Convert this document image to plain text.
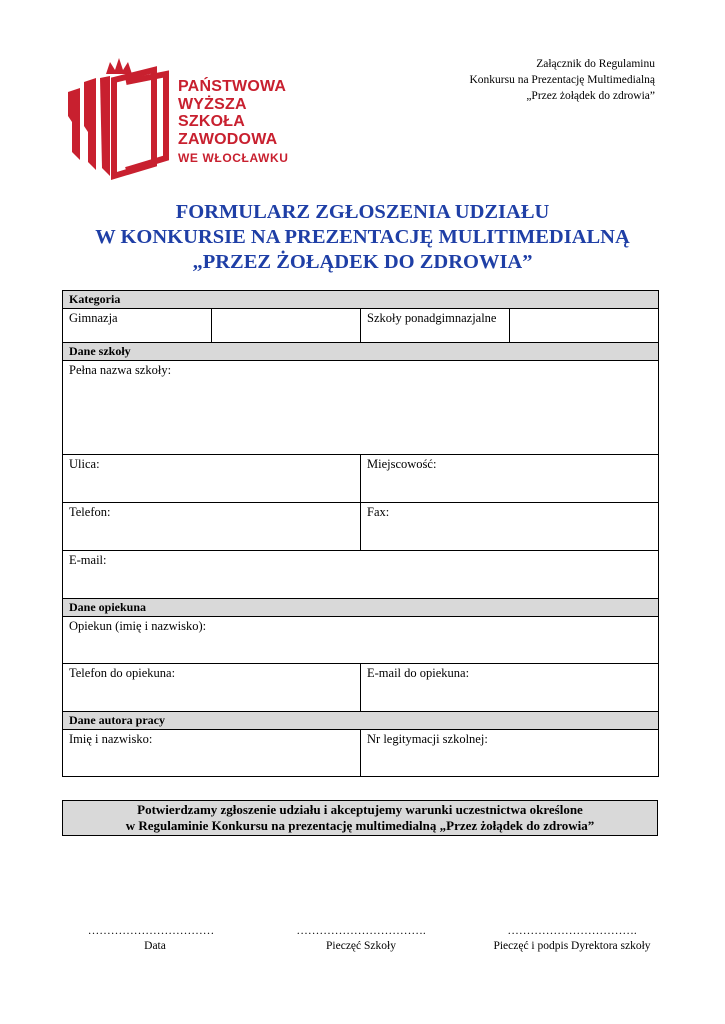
Załącznik do Regulaminu
Konkursu na Prezentację Multimedialną
„Przez żołądek do zdrowia”
PAŃSTWOWA
WYŻSZA
SZKOŁA
ZAWODOWA
WE WŁOCŁAWKU
FORMULARZ ZGŁOSZENIA UDZIAŁU
W KONKURSIE NA PREZENTACJĘ MULITIMEDIALNĄ
„PRZEZ ŻOŁĄDEK DO ZDROWIA”
Kategoria			

Gimnazja		Szkoły ponadgimnazjalne	

Dane szkoły			

Pełna nazwa szkoły:			

Ulica:		Miejscowość:	

Telefon:		Fax:	

E-mail:			

Dane opiekuna			

Opiekun (imię i nazwisko):			

Telefon do opiekuna:		E-mail do opiekuna:	

Dane autora pracy			

Imię i nazwisko:		Nr legitymacji szkolnej:	
Potwierdzamy zgłoszenie udziału i akceptujemy warunki uczestnictwa określone
w Regulaminie Konkursu na prezentację multimedialną „Przez żołądek do zdrowia”
……………………………
Data
…………………………….
Pieczęć Szkoły
…………………………….
Pieczęć i podpis Dyrektora szkoły
